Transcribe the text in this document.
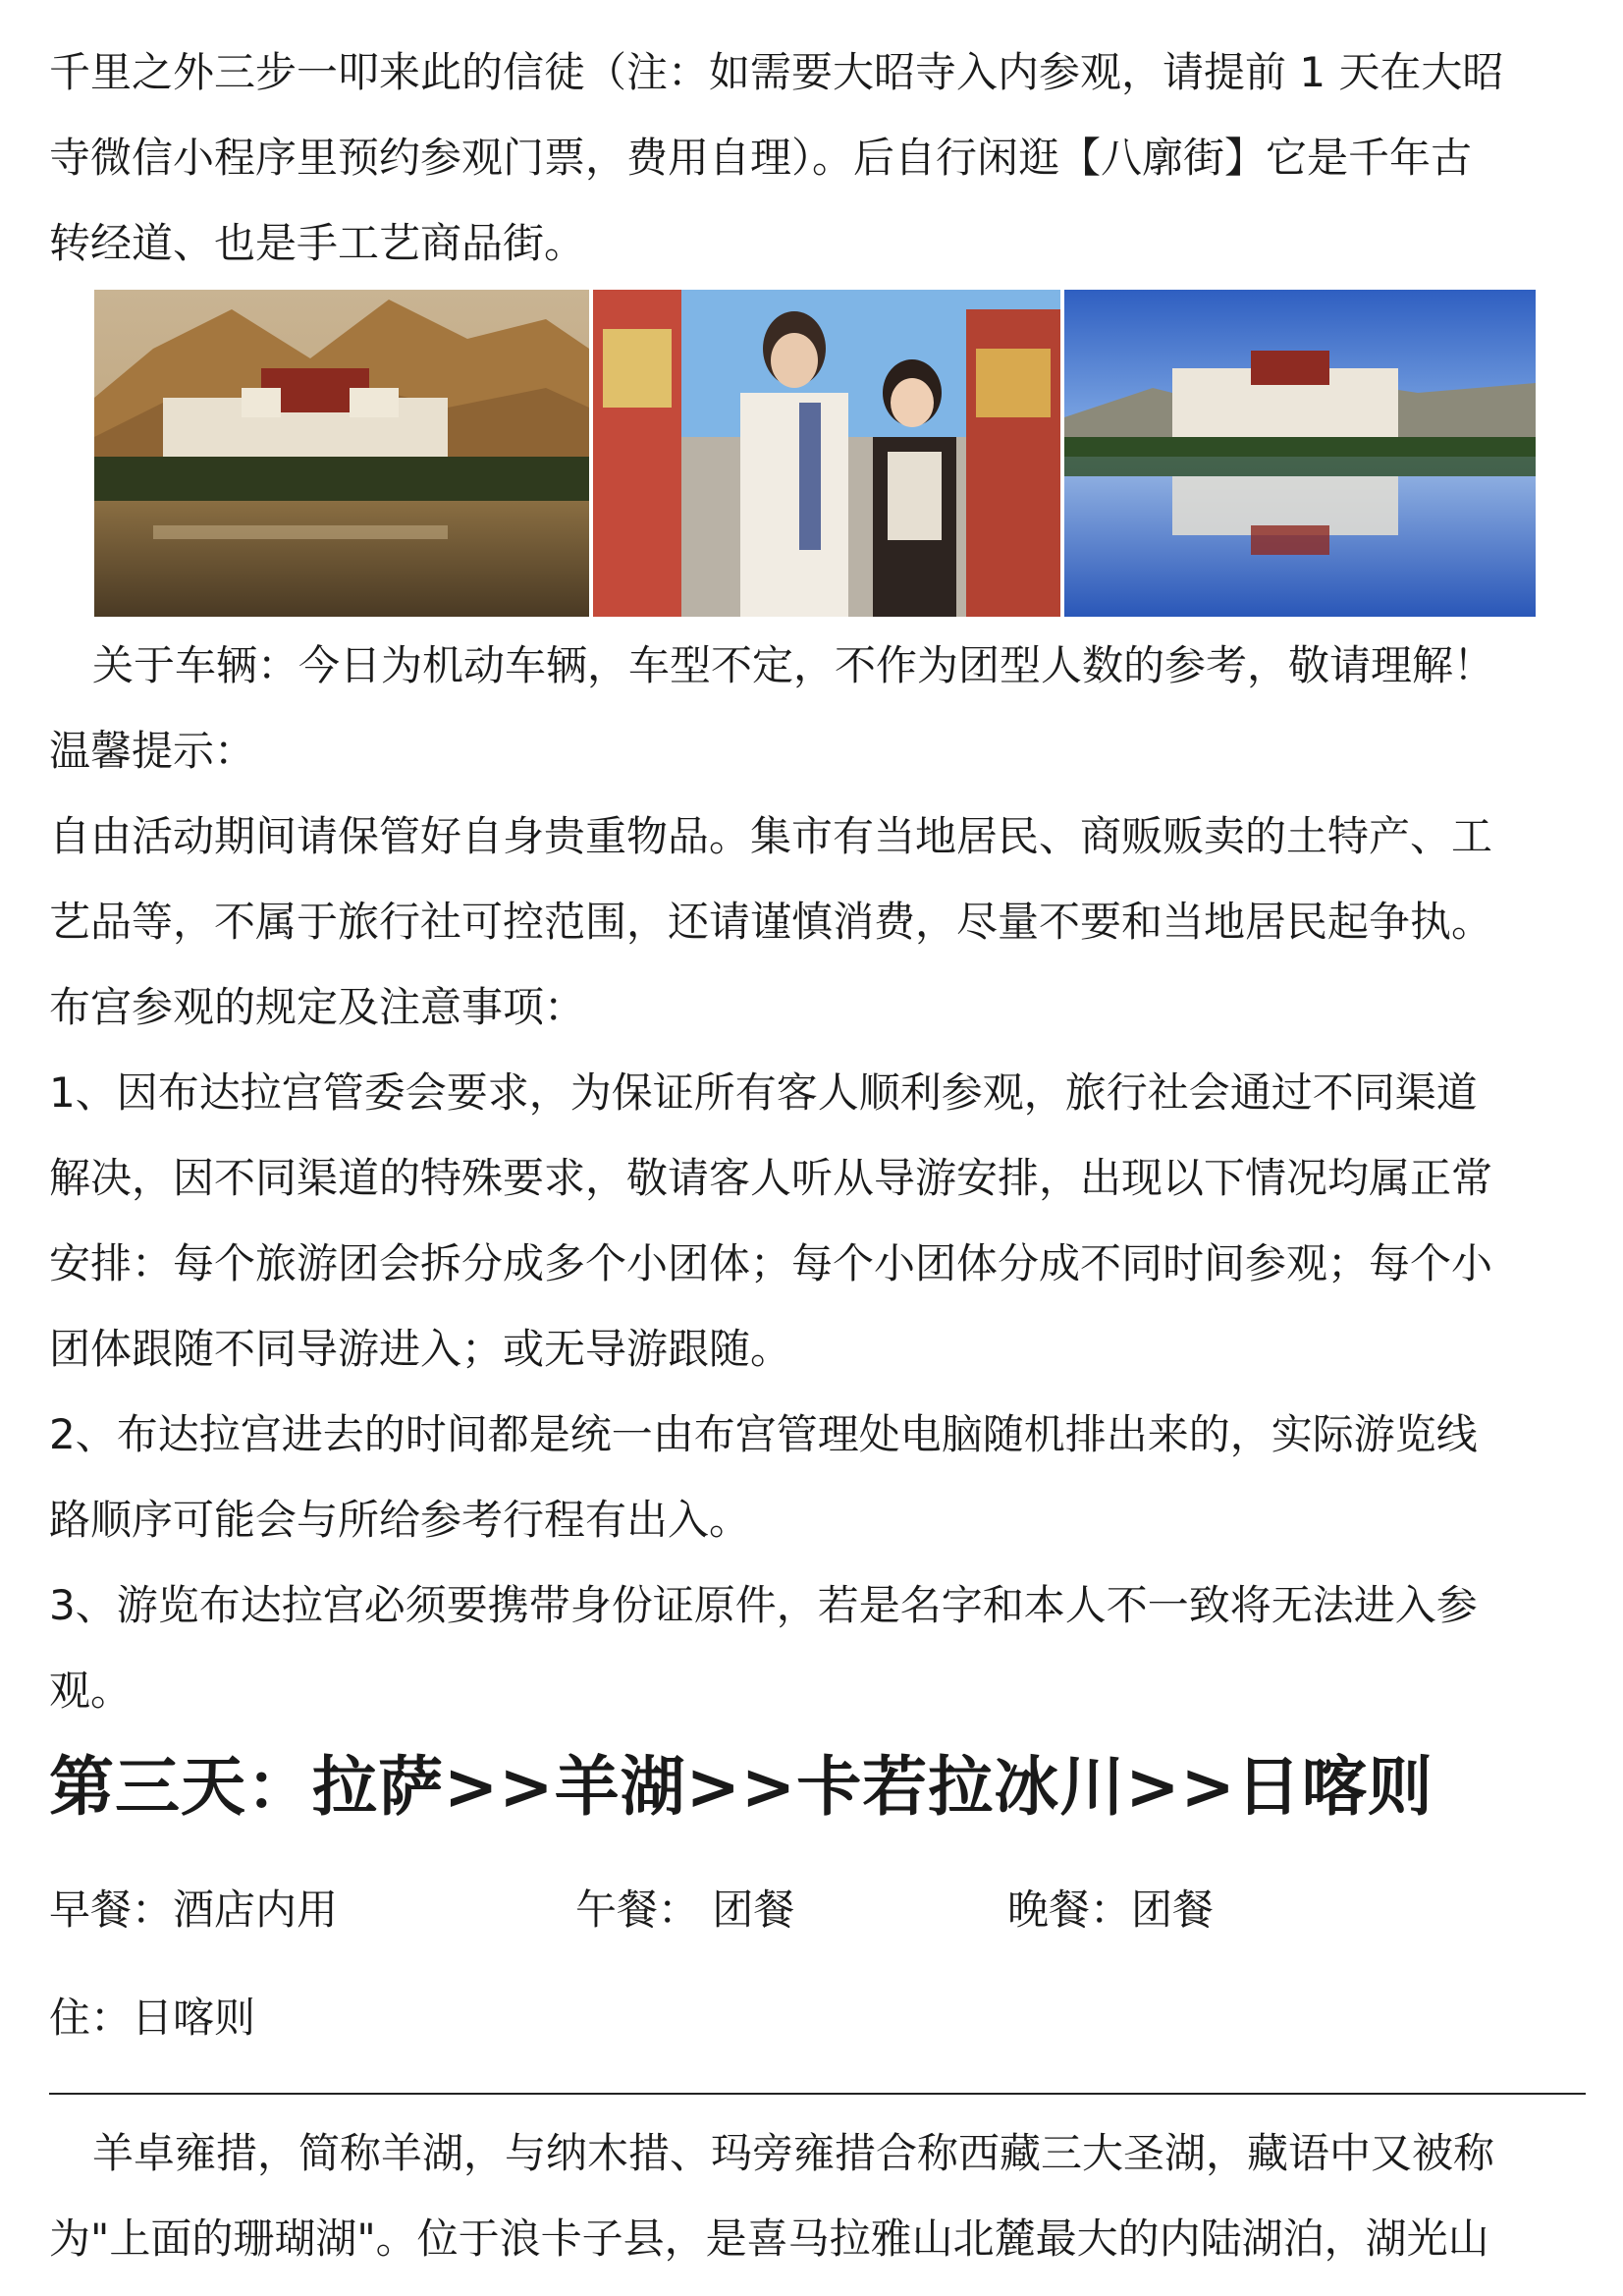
千里之外三步一叩来此的信徒（注：如需要大昭寺入内参观，请提前 1 天在大昭
寺微信小程序里预约参观门票，费用自理）。后自行闲逛【八廓街】它是千年古
转经道、也是手工艺商品街。

关于车辆：今日为机动车辆，车型不定，不作为团型人数的参考，敬请理解！

温馨提示：

自由活动期间请保管好自身贵重物品。集市有当地居民、商贩贩卖的土特产、工
艺品等，不属于旅行社可控范围，还请谨慎消费，尽量不要和当地居民起争执。

布宫参观的规定及注意事项：

1、因布达拉宫管委会要求，为保证所有客人顺利参观，旅行社会通过不同渠道
解决，因不同渠道的特殊要求，敬请客人听从导游安排，出现以下情况均属正常
安排：每个旅游团会拆分成多个小团体；每个小团体分成不同时间参观；每个小
团体跟随不同导游进入；或无导游跟随。

2、布达拉宫进去的时间都是统一由布宫管理处电脑随机排出来的，实际游览线
路顺序可能会与所给参考行程有出入。

3、游览布达拉宫必须要携带身份证原件，若是名字和本人不一致将无法进入参
观。

第三天：拉萨>>羊湖>>卡若拉冰川>>日喀则
早餐：酒店内用	午餐： 团餐	晚餐：团餐
住：日喀则

羊卓雍措，简称羊湖，与纳木措、玛旁雍措合称西藏三大圣湖，藏语中又被称
为"上面的珊瑚湖"。位于浪卡子县，是喜马拉雅山北麓最大的内陆湖泊，湖光山
